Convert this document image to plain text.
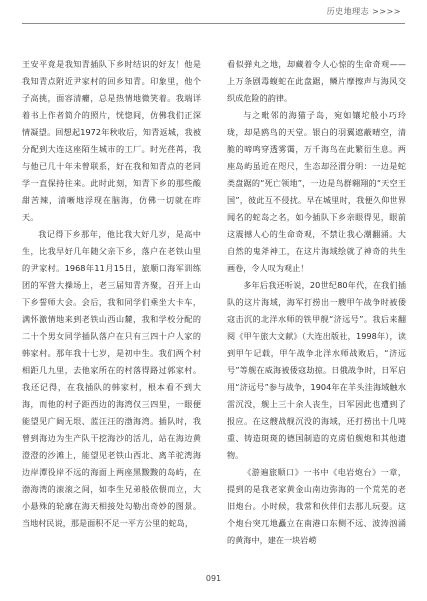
历史地理志 >>>>

王安平竟是我知青插队下乡时结识的好友！他是我知青点附近尹家村的回乡知青。印象里，他个子高挑，面容清癯，总是热情地微笑着。我端详着书上作者简介的照片，恍惚间，仿佛我们正深情凝望。回想起1972年秋收后，知青返城，我被分配到大连这座陌生城市的工厂。时光荏苒，我与他已几十年未曾联系，好在我和知青点的老同学一直保持往来。此时此刻，知青下乡的那些酸甜苦辣，清晰地浮现在脑海，仿佛一切就在昨天。

我记得下乡那年，他比我大好几岁，是高中生，比我早好几年随父亲下乡，落户在老铁山里的尹家村。1968年11月15日，旅顺口海军训练团的军营大操场上，老三届知青齐聚，召开上山下乡誓师大会。会后，我和同学们乘坐大卡车，满怀激情地来到老铁山西山麓，我和学校分配的二十个男女同学插队落户在只有三四十户人家的韩家村。那年我十七岁，是初中生。我们两个村相距几九里，去他家所在的村落得路过郭家村。我还记得，在我插队的韩家村，根本看不到大海，而他的村子距西边的海湾仅三四里，一眼便能望见广阔无垠、蓝汪汪的渤海湾。插队时，我曾到海边为生产队干挖海沙的活儿，站在海边黄澄澄的沙滩上，能望见老铁山西北、离羊驼湾海边岸潭役岸不远的海面上两座黑黢黢的岛屿，在渤海湾的滚滚之间，如李生兄弟般依偎而立，大小悬殊的轮廓在海天相接处勾勒出奇妙的图景。当地村民说，那是面积不足一平方公里的蛇岛，

看似弹丸之地，却藏着令人心惊的生命奇观——上万条剧毒蝮蛇在此盘踞，鳞片摩擦声与海风交织成危险的韵律。

与之毗邻的海猫子岛，宛如镶坨般小巧玲珑，却是鸥鸟的天堂。银白的羽翼遮蔽晴空，清脆的啼鸣穿透雾霭，万千海鸟在此繁衍生息。两座岛屿虽近在咫尺，生态却泾渭分明：一边是蛇类盘踞的“死亡领地”，一边是鸟群翱翔的“天空王国”，彼此互不侵扰。早在城里时，我便久仰世界闻名的蛇岛之名，如今插队下乡亲眼得见，眼前这震撼人心的生命奇观，不禁让我心潮翻涌。大自然的鬼斧神工，在这片海域绘就了神奇的共生画卷，令人叹为观止！

多年后我还听说，20世纪80年代，在我们插队的这片海域，海军打捞出一艘甲午战争时被倭寇击沉的北洋水师的铁甲舰“济远号”。我后来翻阅《甲午旅大文献》（大连出版社，1998年），读到甲午记载，甲午战争北洋水师战败后，“济远号”等舰在威海被倭寇劫掠。日俄战争时，日军启用“济远号”参与战争，1904年在羊头洼海域触水雷沉没，舰上三十余人丧生，日军因此也遭到了报应。在这艘战舰沉没的海域，还打捞出十几吨重、铸造斑斑的德国制造的克虏伯舰炮和其他遗物。

《游遍旅顺口》一书中《电岩炮台》一章，提到的是我老家黄金山南边弥海的一个荒芜的老旧炮台。小时候，我常和伙伴们去那儿玩耍。这个炮台突兀地矗立在南港口东侧不远、波涛汹涌的黄海中，建在一块岩崂

091
